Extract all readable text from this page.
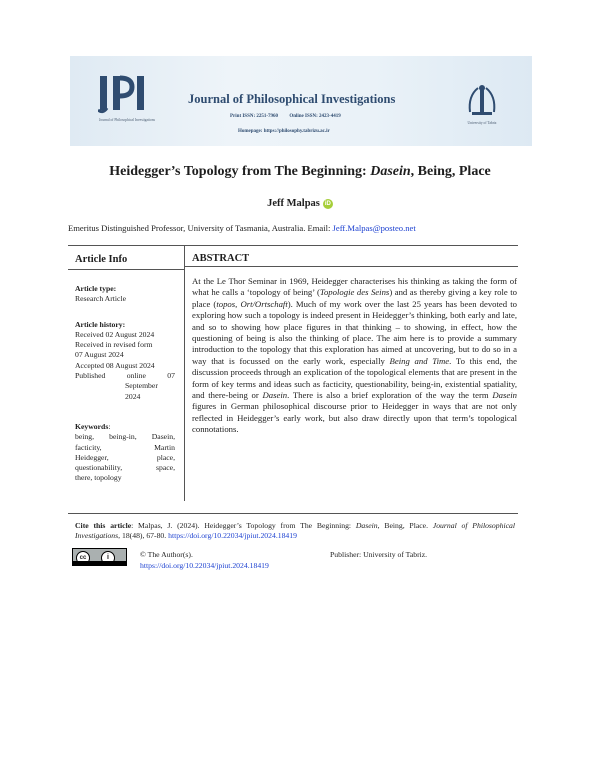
Journal of Philosophical Investigations
Journal of Philosophical Investigations
Print ISSN: 2251-7960 Online ISSN: 2423-4419
Homepage: https://philosophy.tabrizu.ac.ir
University of Tabriz
Heidegger’s Topology from The Beginning: Dasein, Being, Place
Jeff Malpas iD
Emeritus Distinguished Professor, University of Tasmania, Australia. Email: Jeff.Malpas@posteo.net
Article Info	ABSTRACT
Article type:
Research Article
Article history:
Received 02 August 2024
Received in revised form
07 August 2024
Accepted 08 August 2024
Published online 07
September 2024
Keywords:
being, being-in, Dasein,
facticity, Martin
Heidegger, place,
questionability, space,
there, topology
At the Le Thor Seminar in 1969, Heidegger characterises his thinking as taking the form of what he calls a ‘topology of being’ (Topologie des Seins) and as thereby giving a key role to place (topos, Ort/Ortschaft). Much of my work over the last 25 years has been devoted to exploring how such a topology is indeed present in Heidegger’s thinking, both early and late, and so to showing how place figures in that thinking – to showing, in effect, how the questioning of being is also the thinking of place. The aim here is to provide a summary introduction to the topology that this exploration has aimed at uncovering, but to do so in a way that is focussed on the early work, especially Being and Time. To this end, the discussion proceeds through an explication of the topological elements that are present in the form of key terms and ideas such as facticity, questionability, being-in, existential spatiality, and there-being or Dasein. There is also a brief exploration of the way the term Dasein figures in German philosophical discourse prior to Heidegger in ways that are not only reflected in Heidegger’s early work, but also draw directly upon that term’s topological connotations.
Cite this article: Malpas, J. (2024). Heidegger’s Topology from The Beginning: Dasein, Being, Place. Journal of Philosophical Investigations, 18(48), 67-80. https://doi.org/10.22034/jpiut.2024.18419
cc	i	© The Author(s).	Publisher: University of Tabriz.
https://doi.org/10.22034/jpiut.2024.18419
